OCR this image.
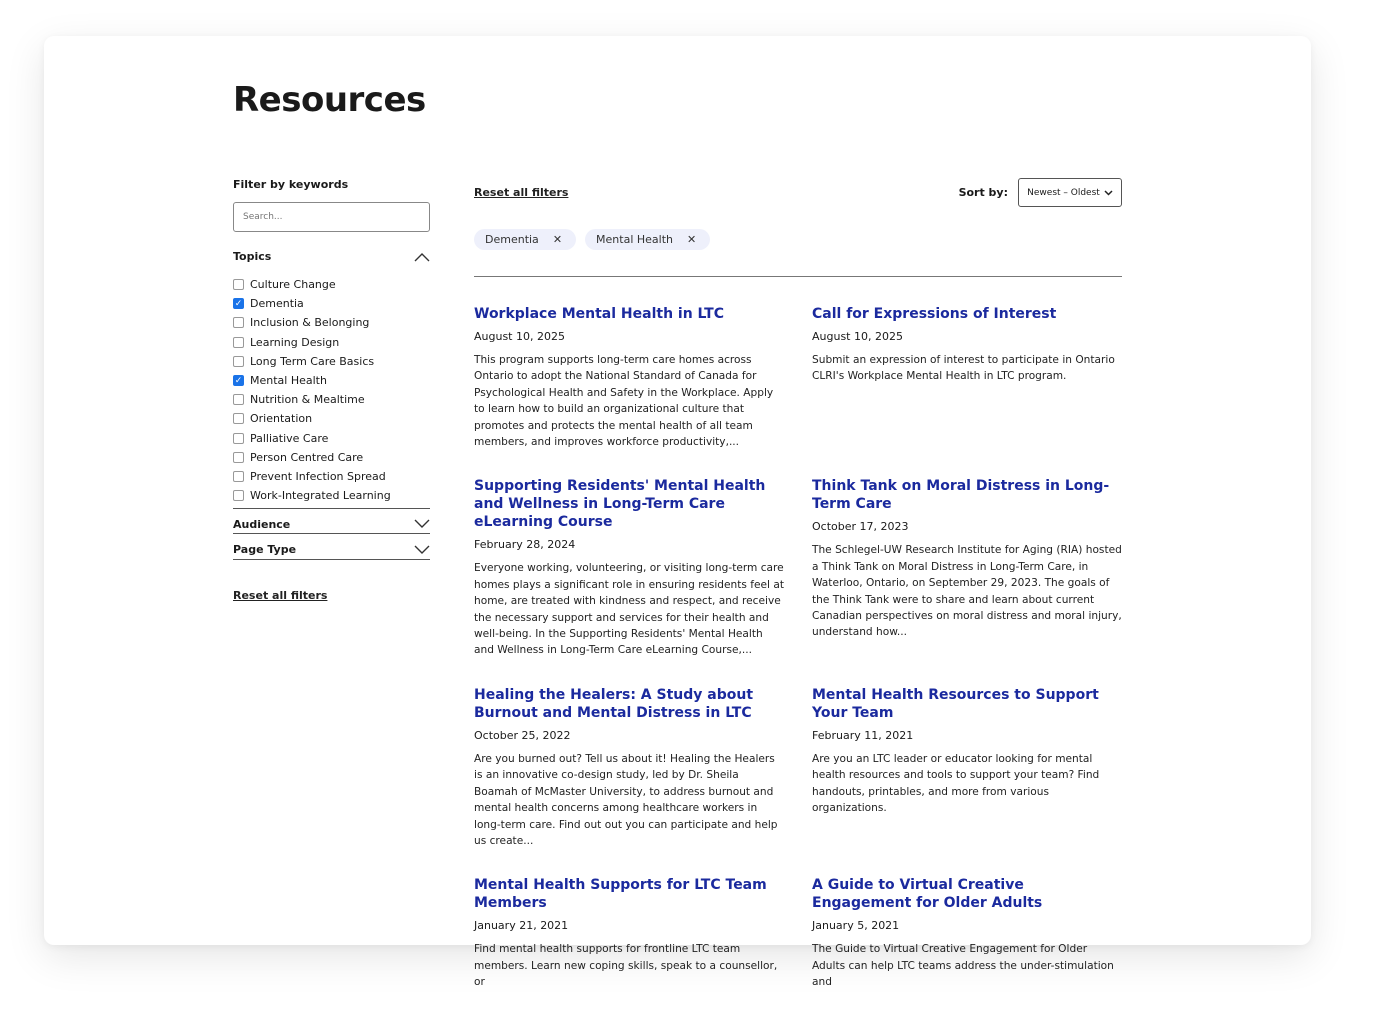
Resources
Filter by keywords
Search...
Topics
Culture Change
✓ Dementia
Inclusion & Belonging
Learning Design
Long Term Care Basics
✓ Mental Health
Nutrition & Mealtime
Orientation
Palliative Care
Person Centred Care
Prevent Infection Spread
Work-Integrated Learning
Audience
Page Type
Reset all filters
Reset all filters	Sort by: Newest – Oldest
Dementia ✕	Mental Health ✕
Workplace Mental Health in LTC
August 10, 2025

This program supports long-term care homes across Ontario to adopt the National Standard of Canada for Psychological Health and Safety in the Workplace. Apply to learn how to build an organizational culture that promotes and protects the mental health of all team members, and improves workforce productivity,...

Call for Expressions of Interest
August 10, 2025

Submit an expression of interest to participate in Ontario CLRI's Workplace Mental Health in LTC program.

Supporting Residents' Mental Health and Wellness in Long-Term Care eLearning Course
February 28, 2024

Everyone working, volunteering, or visiting long-term care homes plays a significant role in ensuring residents feel at home, are treated with kindness and respect, and receive the necessary support and services for their health and well-being. In the Supporting Residents' Mental Health and Wellness in Long-Term Care eLearning Course,...

Think Tank on Moral Distress in Long-Term Care
October 17, 2023

The Schlegel-UW Research Institute for Aging (RIA) hosted a Think Tank on Moral Distress in Long-Term Care, in Waterloo, Ontario, on September 29, 2023. The goals of the Think Tank were to share and learn about current Canadian perspectives on moral distress and moral injury, understand how...

Healing the Healers: A Study about Burnout and Mental Distress in LTC
October 25, 2022

Are you burned out? Tell us about it! Healing the Healers is an innovative co-design study, led by Dr. Sheila Boamah of McMaster University, to address burnout and mental health concerns among healthcare workers in long-term care. Find out out you can participate and help us create...

Mental Health Resources to Support Your Team
February 11, 2021

Are you an LTC leader or educator looking for mental health resources and tools to support your team? Find handouts, printables, and more from various organizations.

Mental Health Supports for LTC Team Members
January 21, 2021

Find mental health supports for frontline LTC team members. Learn new coping skills, speak to a counsellor, or

A Guide to Virtual Creative Engagement for Older Adults
January 5, 2021

The Guide to Virtual Creative Engagement for Older Adults can help LTC teams address the under-stimulation and
